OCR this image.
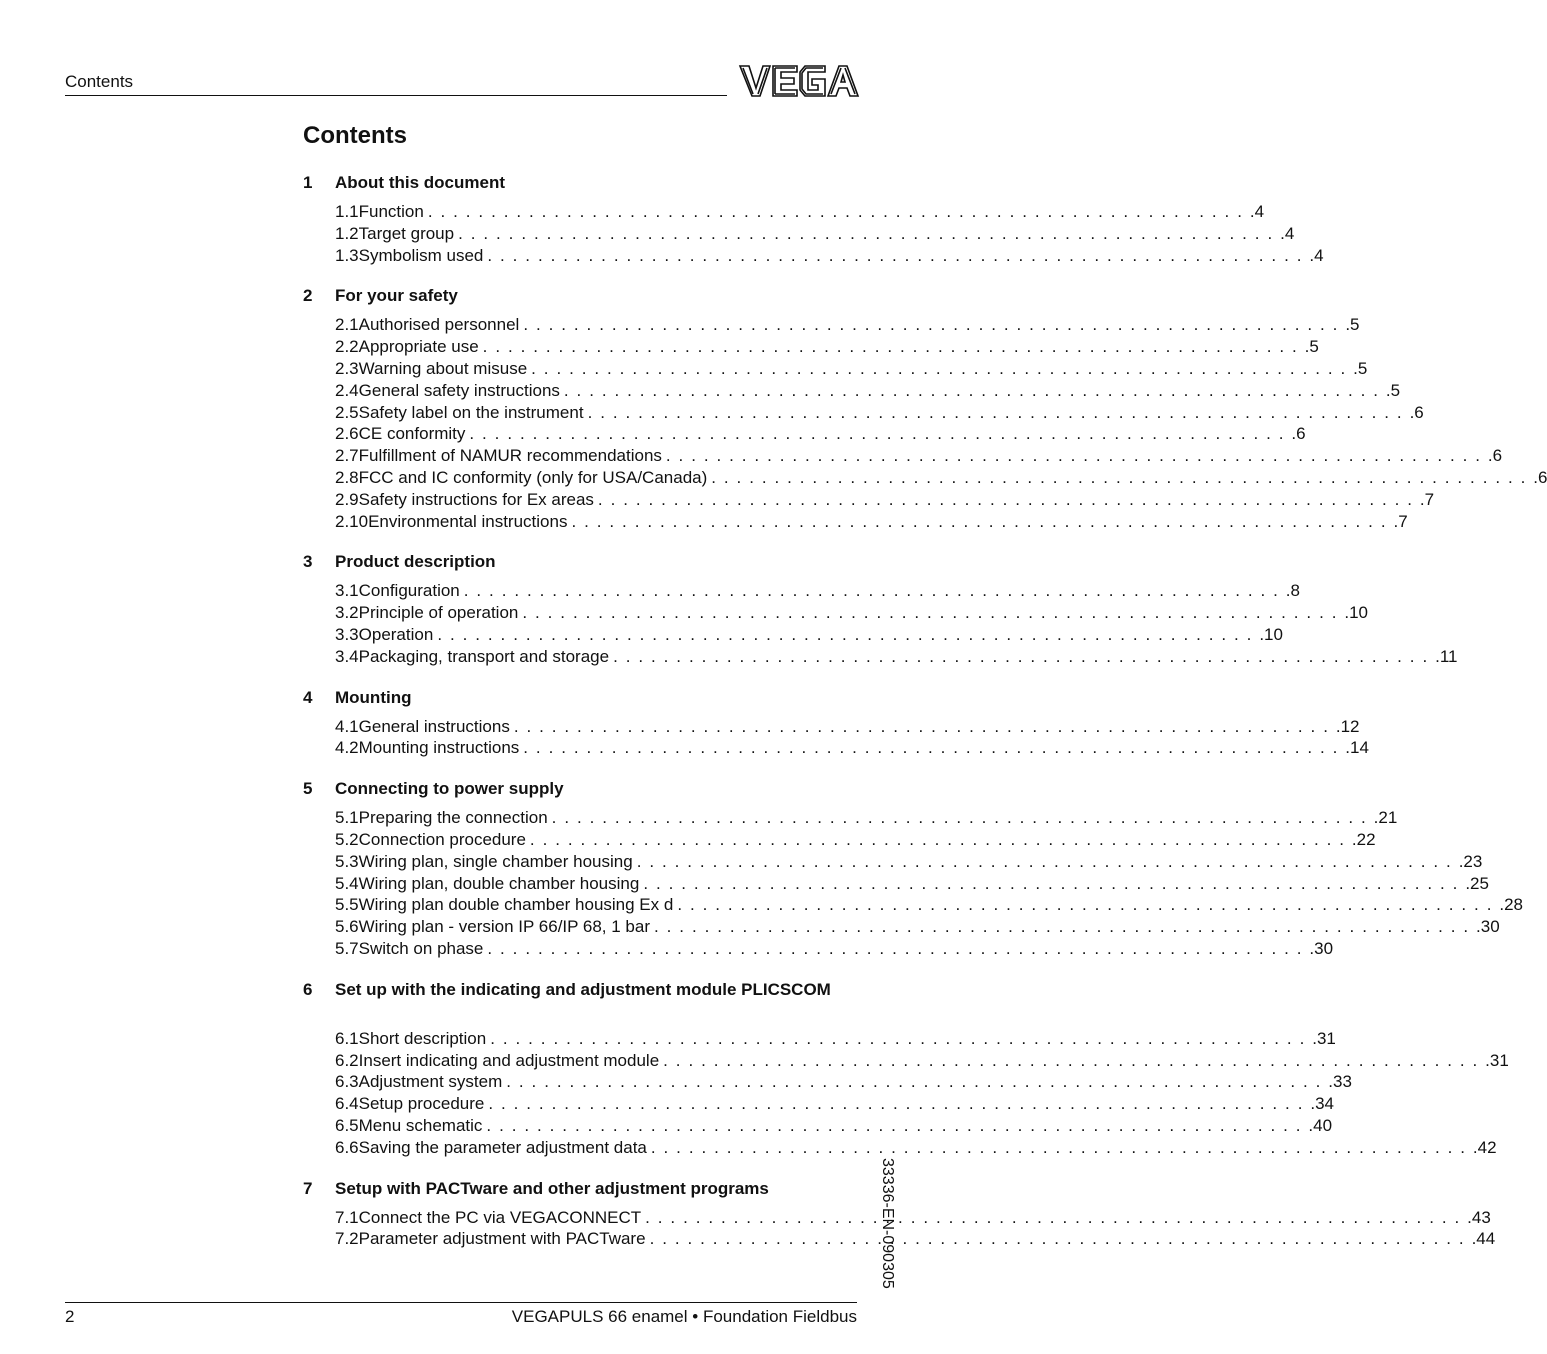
Contents
Contents
1	About this document
1.1 Function . . .	4
1.2 Target group . . .	4
1.3 Symbolism used . . .	4
2	For your safety
2.1 Authorised personnel . . .	5
2.2 Appropriate use . . .	5
2.3 Warning about misuse . . .	5
2.4 General safety instructions . . .	5
2.5 Safety label on the instrument . . .	6
2.6 CE conformity . . .	6
2.7 Fulfillment of NAMUR recommendations . . .	6
2.8 FCC and IC conformity (only for USA/Canada) . . .	6
2.9 Safety instructions for Ex areas . . .	7
2.10 Environmental instructions . . .	7
3	Product description
3.1 Configuration . . .	8
3.2 Principle of operation . . .	10
3.3 Operation . . .	10
3.4 Packaging, transport and storage . . .	11
4	Mounting
4.1 General instructions . . .	12
4.2 Mounting instructions . . .	14
5	Connecting to power supply
5.1 Preparing the connection . . .	21
5.2 Connection procedure . . .	22
5.3 Wiring plan, single chamber housing . . .	23
5.4 Wiring plan, double chamber housing . . .	25
5.5 Wiring plan double chamber housing Ex d . . .	28
5.6 Wiring plan - version IP 66/IP 68, 1 bar . . .	30
5.7 Switch on phase . . .	30
6	Set up with the indicating and adjustment module PLICSCOM
6.1 Short description . . .	31
6.2 Insert indicating and adjustment module . . .	31
6.3 Adjustment system . . .	33
6.4 Setup procedure . . .	34
6.5 Menu schematic . . .	40
6.6 Saving the parameter adjustment data . . .	42
7	Setup with PACTware and other adjustment programs
7.1 Connect the PC via VEGACONNECT . . .	43
7.2 Parameter adjustment with PACTware . . .	44
2	VEGAPULS 66 enamel • Foundation Fieldbus
33336-EN-090305
